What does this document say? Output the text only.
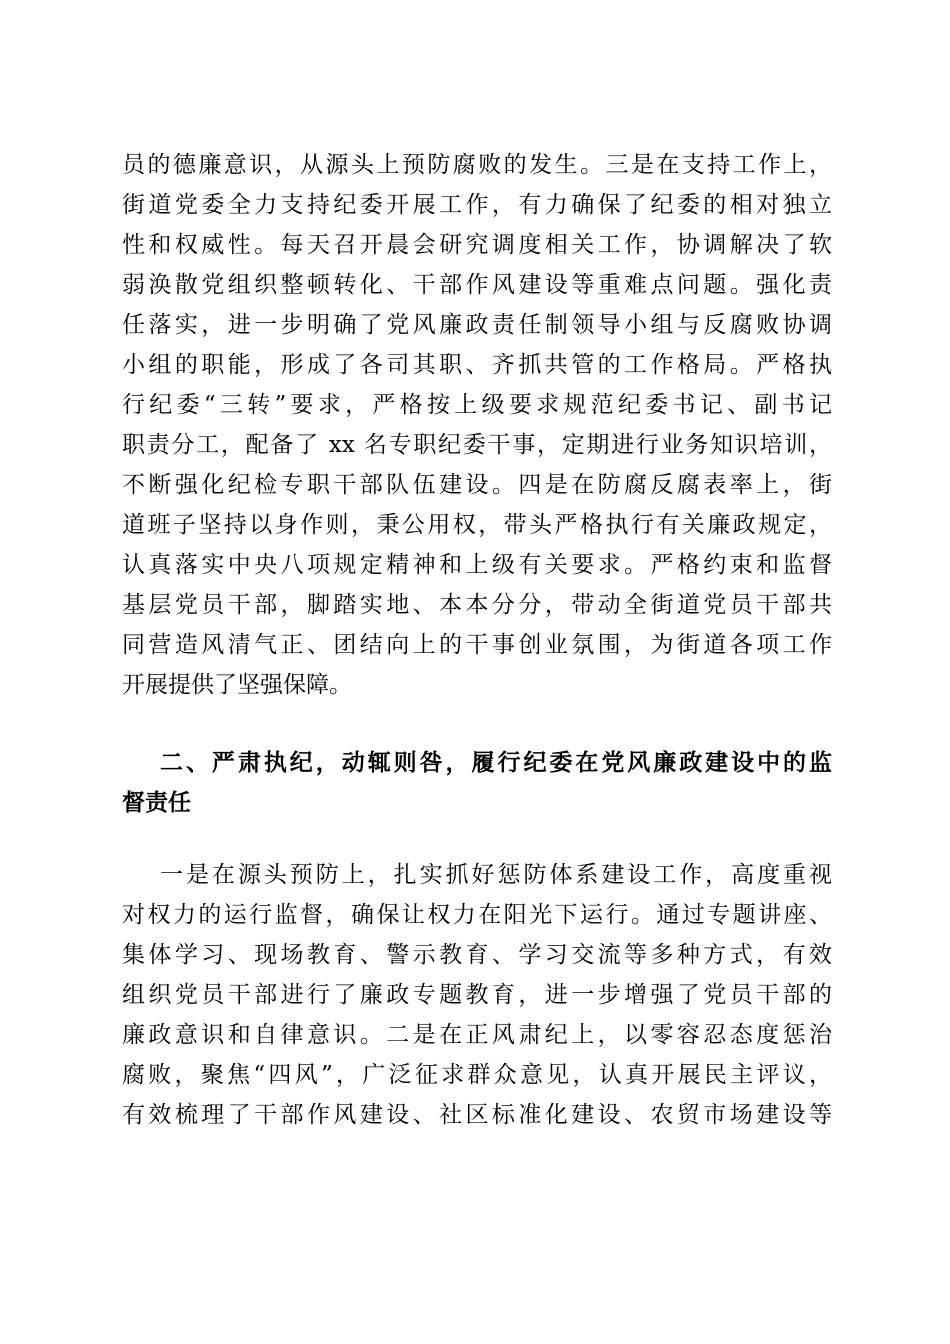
员的德廉意识，从源头上预防腐败的发生。三是在支持工作上，
街道党委全力支持纪委开展工作，有力确保了纪委的相对独立
性和权威性。每天召开晨会研究调度相关工作，协调解决了软
弱涣散党组织整顿转化、干部作风建设等重难点问题。强化责
任落实，进一步明确了党风廉政责任制领导小组与反腐败协调
小组的职能，形成了各司其职、齐抓共管的工作格局。严格执
行纪委“三转”要求，严格按上级要求规范纪委书记、副书记
职责分工，配备了 xx 名专职纪委干事，定期进行业务知识培训，
不断强化纪检专职干部队伍建设。四是在防腐反腐表率上，街
道班子坚持以身作则，秉公用权，带头严格执行有关廉政规定，
认真落实中央八项规定精神和上级有关要求。严格约束和监督
基层党员干部，脚踏实地、本本分分，带动全街道党员干部共
同营造风清气正、团结向上的干事创业氛围，为街道各项工作
开展提供了坚强保障。
二、严肃执纪，动辄则咎，履行纪委在党风廉政建设中的监
督责任
一是在源头预防上，扎实抓好惩防体系建设工作，高度重视
对权力的运行监督，确保让权力在阳光下运行。通过专题讲座、
集体学习、现场教育、警示教育、学习交流等多种方式，有效
组织党员干部进行了廉政专题教育，进一步增强了党员干部的
廉政意识和自律意识。二是在正风肃纪上，以零容忍态度惩治
腐败，聚焦“四风”，广泛征求群众意见，认真开展民主评议，
有效梳理了干部作风建设、社区标准化建设、农贸市场建设等
